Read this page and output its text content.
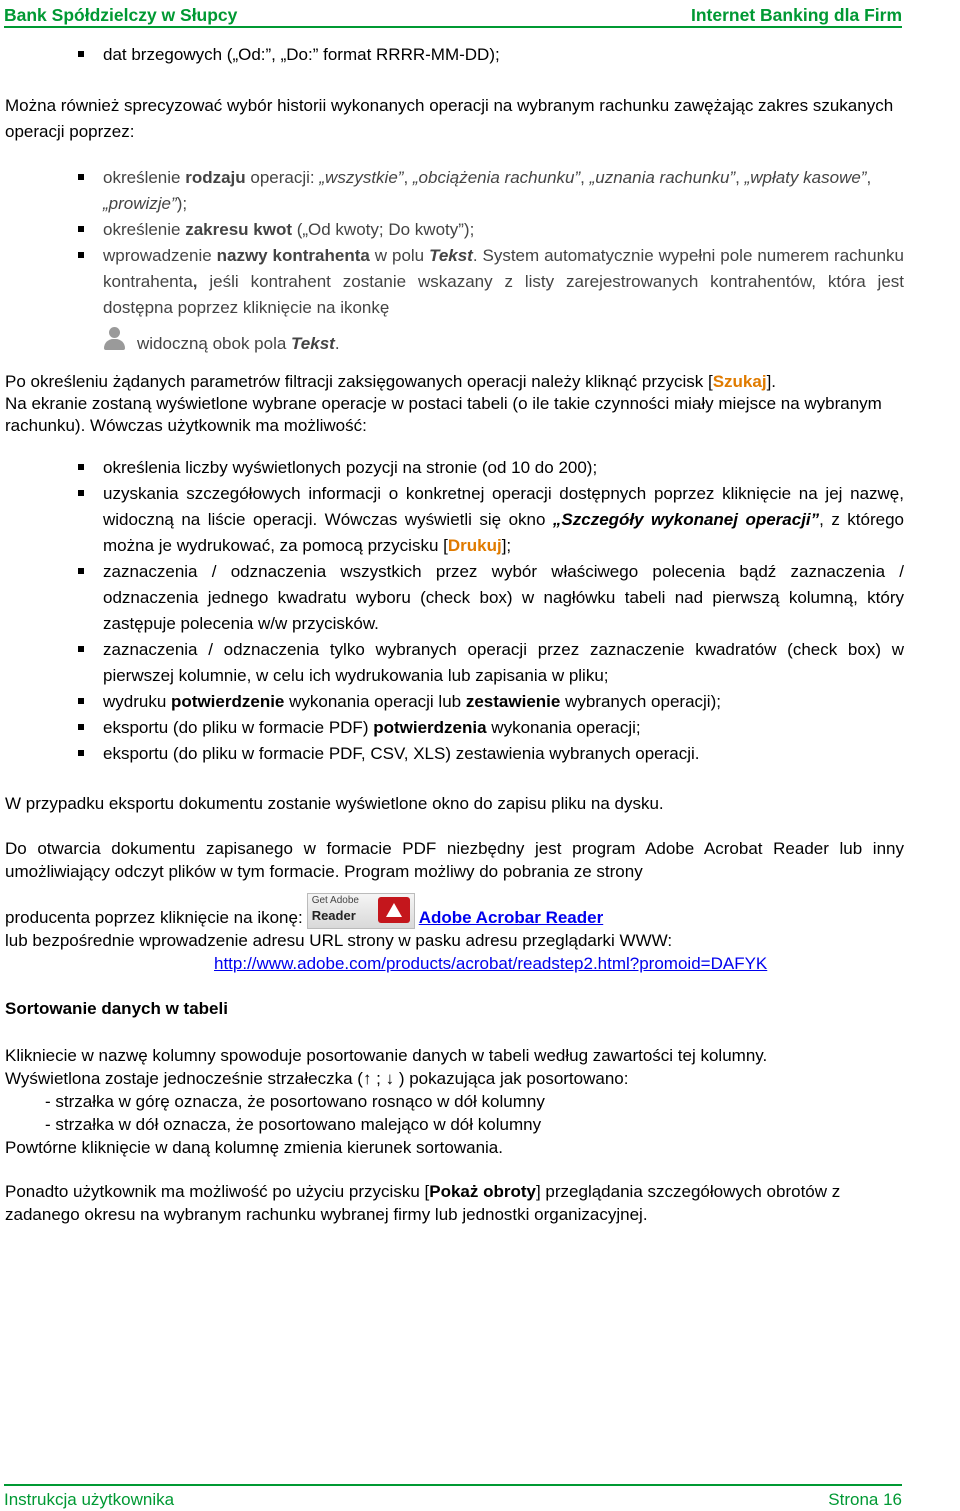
Bank Spółdzielczy w Słupcy	Internet Banking dla Firm
dat brzegowych („Od:”, „Do:” format RRRR-MM-DD);

Można również sprecyzować wybór historii wykonanych operacji na wybranym rachunku zawężając zakres szukanych operacji poprzez:

określenie rodzaju operacji: „wszystkie”, „obciążenia rachunku”, „uznania rachunku”, „wpłaty kasowe”, „prowizje”);
określenie zakresu kwot („Od kwoty; Do kwoty”);
wprowadzenie nazwy kontrahenta w polu Tekst. System automatycznie wypełni pole numerem rachunku kontrahenta, jeśli kontrahent zostanie wskazany z listy zarejestrowanych kontrahentów, która jest dostępna poprzez kliknięcie na ikonkę
widoczną obok pola Tekst.

Po określeniu żądanych parametrów filtracji zaksięgowanych operacji należy kliknąć przycisk [Szukaj].

Na ekranie zostaną wyświetlone wybrane operacje w postaci tabeli (o ile takie czynności miały miejsce na wybranym rachunku). Wówczas użytkownik ma możliwość:

określenia liczby wyświetlonych pozycji na stronie (od 10 do 200);
uzyskania szczegółowych informacji o konkretnej operacji dostępnych poprzez kliknięcie na jej nazwę, widoczną na liście operacji. Wówczas wyświetli się okno „Szczegóły wykonanej operacji”, z którego można je wydrukować, za pomocą przycisku [Drukuj];
zaznaczenia / odznaczenia wszystkich przez wybór właściwego polecenia bądź zaznaczenia / odznaczenia jednego kwadratu wyboru (check box) w nagłówku tabeli nad pierwszą kolumną, który zastępuje polecenia w/w przycisków.
zaznaczenia / odznaczenia tylko wybranych operacji przez zaznaczenie kwadratów (check box) w pierwszej kolumnie, w celu ich wydrukowania lub zapisania w pliku;
wydruku potwierdzenie wykonania operacji lub zestawienie wybranych operacji);
eksportu (do pliku w formacie PDF) potwierdzenia wykonania operacji;
eksportu (do pliku w formacie PDF, CSV, XLS) zestawienia wybranych operacji.

W przypadku eksportu dokumentu zostanie wyświetlone okno do zapisu pliku na dysku.

Do otwarcia dokumentu zapisanego w formacie PDF niezbędny jest program Adobe Acrobat Reader lub inny umożliwiający odczyt plików w tym formacie. Program możliwy do pobrania ze strony

producenta poprzez kliknięcie na ikonę:
Get Adobe
Reader	Adobe Acrobar Reader

lub bezpośrednie wprowadzenie adresu URL strony w pasku adresu przeglądarki WWW:

http://www.adobe.com/products/acrobat/readstep2.html?promoid=DAFYK

Sortowanie danych w tabeli

Klikniecie w nazwę kolumny spowoduje posortowanie danych w tabeli według zawartości tej kolumny.

Wyświetlona zostaje jednocześnie strzałeczka (↑ ; ↓ ) pokazująca jak posortowano:

- strzałka w górę oznacza, że posortowano rosnąco w dół kolumny

- strzałka w dół oznacza, że posortowano malejąco w dół kolumny

Powtórne kliknięcie w daną kolumnę zmienia kierunek sortowania.

Ponadto użytkownik ma możliwość po użyciu przycisku [Pokaż obroty] przeglądania szczegółowych obrotów z zadanego okresu na wybranym rachunku wybranej firmy lub jednostki organizacyjnej.

Instrukcja użytkownika	Strona 16
